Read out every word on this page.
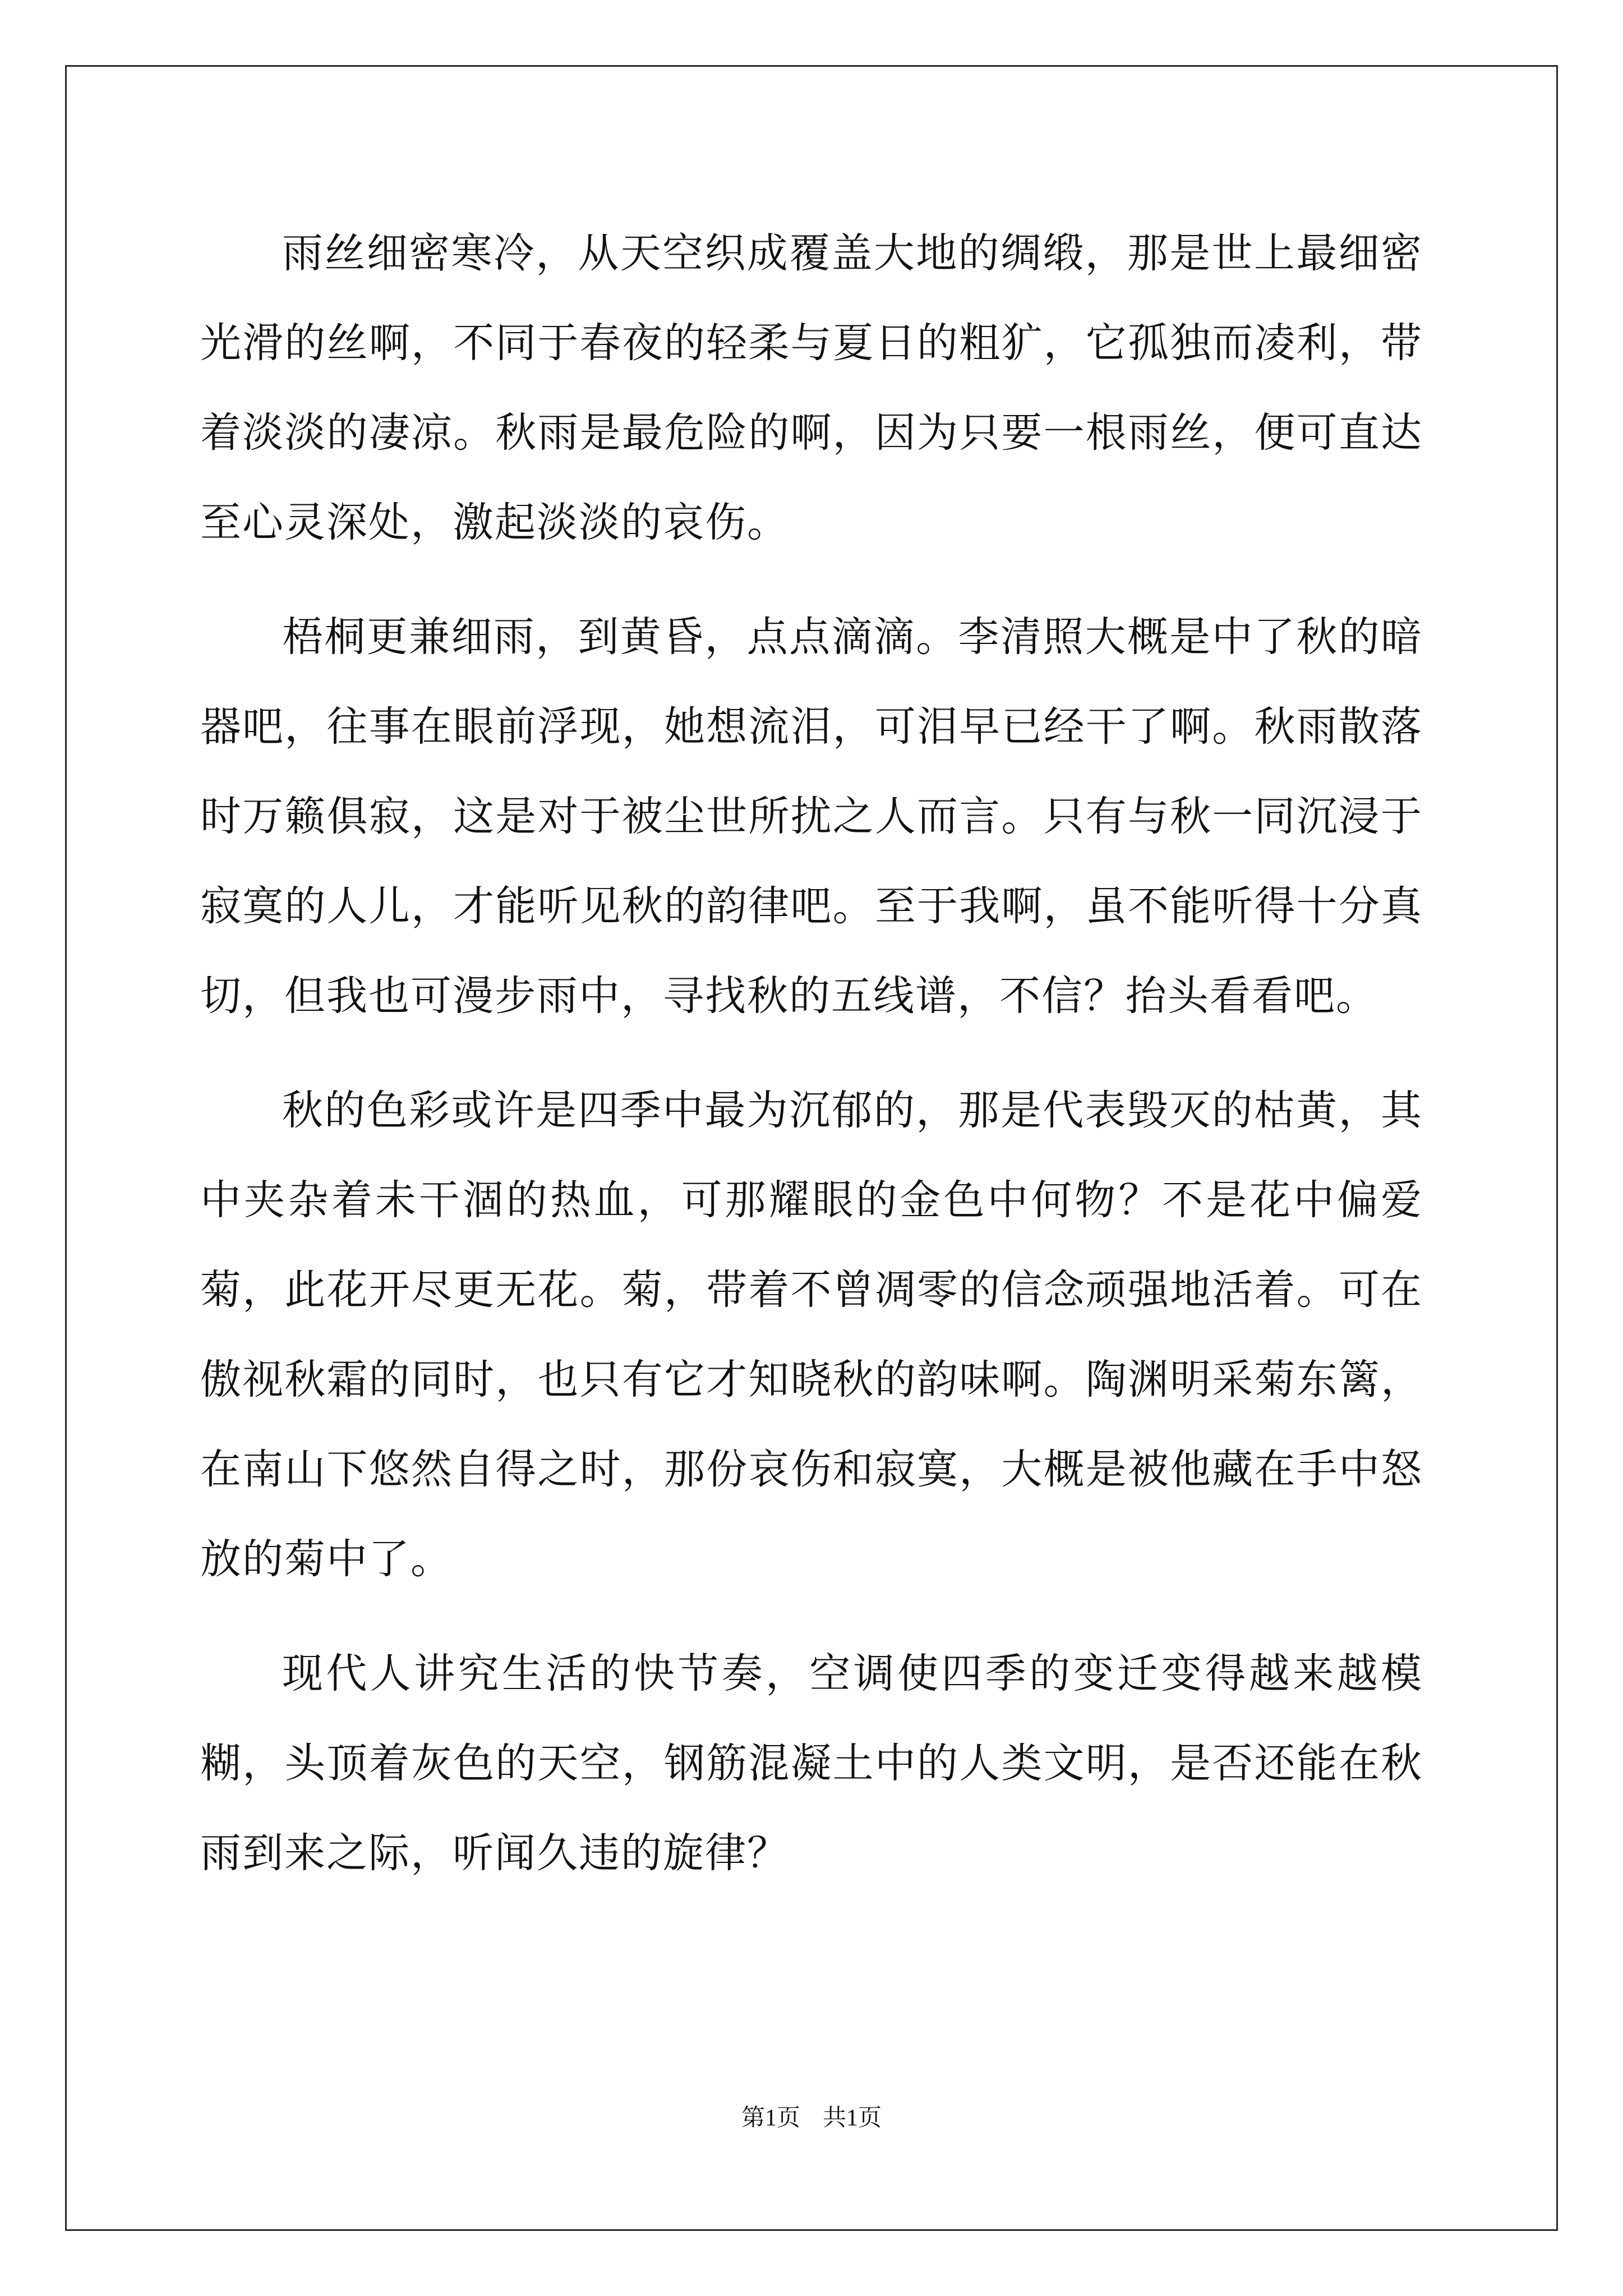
雨丝细密寒冷，从天空织成覆盖大地的绸缎，那是世上最细密光滑的丝啊，不同于春夜的轻柔与夏日的粗犷，它孤独而凌利，带着淡淡的凄凉。秋雨是最危险的啊，因为只要一根雨丝，便可直达至心灵深处，激起淡淡的哀伤。

梧桐更兼细雨，到黄昏，点点滴滴。李清照大概是中了秋的暗器吧，往事在眼前浮现，她想流泪，可泪早已经干了啊。秋雨散落时万籁俱寂，这是对于被尘世所扰之人而言。只有与秋一同沉浸于寂寞的人儿，才能听见秋的韵律吧。至于我啊，虽不能听得十分真切，但我也可漫步雨中，寻找秋的五线谱，不信？抬头看看吧。

秋的色彩或许是四季中最为沉郁的，那是代表毁灭的枯黄，其中夹杂着未干涸的热血，可那耀眼的金色中何物？不是花中偏爱菊，此花开尽更无花。菊，带着不曾凋零的信念顽强地活着。可在傲视秋霜的同时，也只有它才知晓秋的韵味啊。陶渊明采菊东篱，在南山下悠然自得之时，那份哀伤和寂寞，大概是被他藏在手中怒放的菊中了。

现代人讲究生活的快节奏，空调使四季的变迁变得越来越模糊，头顶着灰色的天空，钢筋混凝土中的人类文明，是否还能在秋雨到来之际，听闻久违的旋律？

第1页 共1页
